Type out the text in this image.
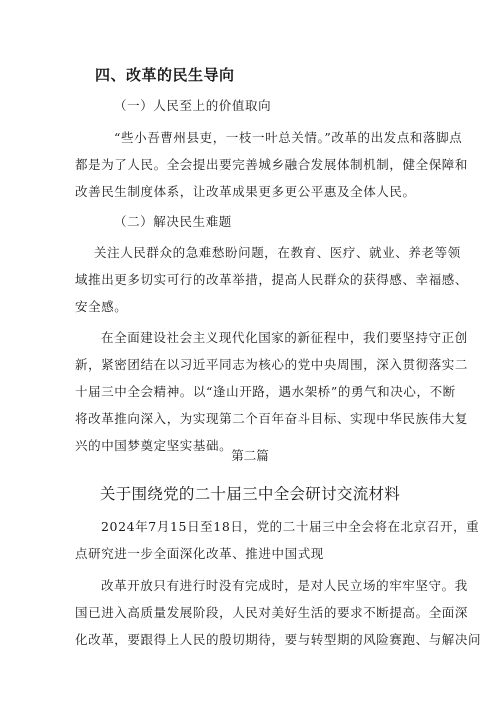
四、改革的民生导向
（一）人民至上的价值取向
“些小吾曹州县吏，一枝一叶总关情。”改革的出发点和落脚点
都是为了人民。全会提出要完善城乡融合发展体制机制，健全保障和
改善民生制度体系，让改革成果更多更公平惠及全体人民。
（二）解决民生难题
关注人民群众的急难愁盼问题，在教育、医疗、就业、养老等领
域推出更多切实可行的改革举措，提高人民群众的获得感、幸福感、
安全感。
在全面建设社会主义现代化国家的新征程中，我们要坚持守正创
新，紧密团结在以习近平同志为核心的党中央周围，深入贯彻落实二
十届三中全会精神。以“逢山开路，遇水架桥”的勇气和决心，不断
将改革推向深入，为实现第二个百年奋斗目标、实现中华民族伟大复
兴的中国梦奠定坚实基础。
第二篇
关于围绕党的二十届三中全会研讨交流材料
2024年7月15日至18日，党的二十届三中全会将在北京召开，重
点研究进一步全面深化改革、推进中国式现
改革开放只有进行时没有完成时，是对人民立场的牢牢坚守。我
国已进入高质量发展阶段，人民对美好生活的要求不断提高。全面深
化改革，要跟得上人民的殷切期待，要与转型期的风险赛跑、与解决问
